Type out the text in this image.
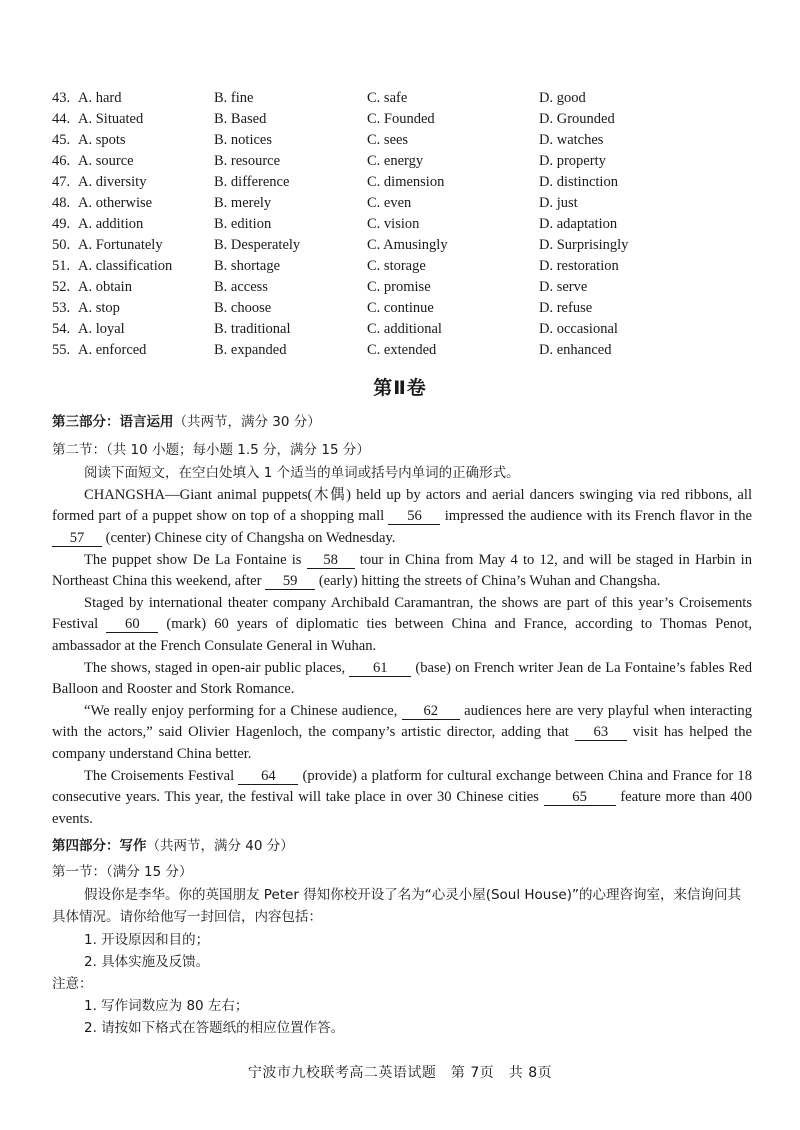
43. A. hard	B. fine	C. safe	D. good
44. A. Situated	B. Based	C. Founded	D. Grounded
45. A. spots	B. notices	C. sees	D. watches
46. A. source	B. resource	C. energy	D. property
47. A. diversity	B. difference	C. dimension	D. distinction
48. A. otherwise	B. merely	C. even	D. just
49. A. addition	B. edition	C. vision	D. adaptation
50. A. Fortunately	B. Desperately	C. Amusingly	D. Surprisingly
51. A. classification	B. shortage	C. storage	D. restoration
52. A. obtain	B. access	C. promise	D. serve
53. A. stop	B. choose	C. continue	D. refuse
54. A. loyal	B. traditional	C. additional	D. occasional
55. A. enforced	B. expanded	C. extended	D. enhanced
第Ⅱ卷
第三部分：语言运用（共两节，满分 30 分）
第二节：（共 10 小题；每小题 1.5 分，满分 15 分）
阅读下面短文，在空白处填入 1 个适当的单词或括号内单词的正确形式。
CHANGSHA—Giant animal puppets(木偶) held up by actors and aerial dancers swinging via red ribbons, all formed part of a puppet show on top of a shopping mall 56 impressed the audience with its French flavor in the 57 (center) Chinese city of Changsha on Wednesday.
The puppet show De La Fontaine is 58 tour in China from May 4 to 12, and will be staged in Harbin in Northeast China this weekend, after 59 (early) hitting the streets of China’s Wuhan and Changsha.
Staged by international theater company Archibald Caramantran, the shows are part of this year’s Croisements Festival 60 (mark) 60 years of diplomatic ties between China and France, according to Thomas Penot, ambassador at the French Consulate General in Wuhan.
The shows, staged in open-air public places, 61 (base) on French writer Jean de La Fontaine’s fables Red Balloon and Rooster and Stork Romance.
“We really enjoy performing for a Chinese audience, 62 audiences here are very playful when interacting with the actors,” said Olivier Hagenloch, the company’s artistic director, adding that 63 visit has helped the company understand China better.
The Croisements Festival 64 (provide) a platform for cultural exchange between China and France for 18 consecutive years. This year, the festival will take place in over 30 Chinese cities 65 feature more than 400 events.
第四部分：写作（共两节，满分 40 分）
第一节：（满分 15 分）
假设你是李华。你的英国朋友 Peter 得知你校开设了名为“心灵小屋(Soul House)”的心理咨询室，来信询问其具体情况。请你给他写一封回信，内容包括：
1. 开设原因和目的；
2. 具体实施及反馈。
注意：
1. 写作词数应为 80 左右；
2. 请按如下格式在答题纸的相应位置作答。
宁波市九校联考高二英语试题　第 7页　共 8页
